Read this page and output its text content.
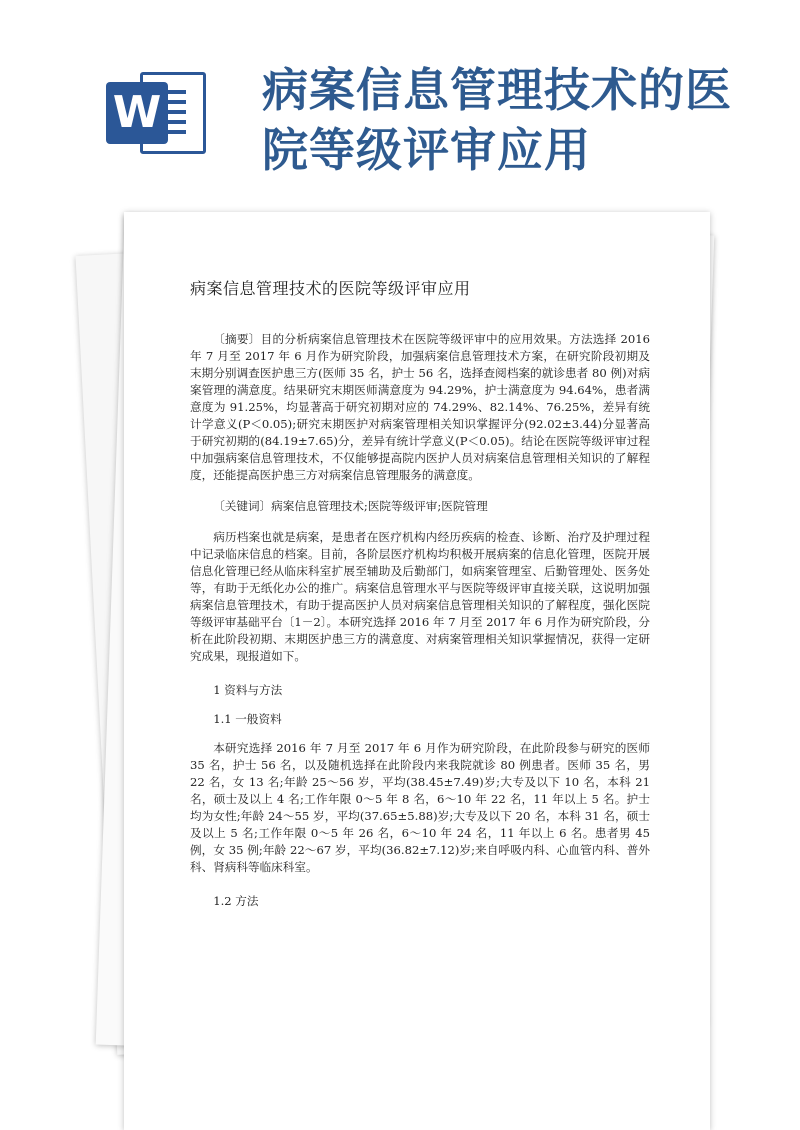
W 病案信息管理技术的医院等级评审应用
病案信息管理技术的医院等级评审应用

〔摘要〕目的分析病案信息管理技术在医院等级评审中的应用效果。方法选择 2016 年 7 月至 2017 年 6 月作为研究阶段，加强病案信息管理技术方案，在研究阶段初期及末期分别调查医护患三方(医师 35 名，护士 56 名，选择查阅档案的就诊患者 80 例)对病案管理的满意度。结果研究末期医师满意度为 94.29%，护士满意度为 94.64%，患者满意度为 91.25%，均显著高于研究初期对应的 74.29%、82.14%、76.25%，差异有统计学意义(P＜0.05);研究末期医护对病案管理相关知识掌握评分(92.02±3.44)分显著高于研究初期的(84.19±7.65)分，差异有统计学意义(P＜0.05)。结论在医院等级评审过程中加强病案信息管理技术，不仅能够提高院内医护人员对病案信息管理相关知识的了解程度，还能提高医护患三方对病案信息管理服务的满意度。

〔关键词〕病案信息管理技术;医院等级评审;医院管理

病历档案也就是病案，是患者在医疗机构内经历疾病的检查、诊断、治疗及护理过程中记录临床信息的档案。目前，各阶层医疗机构均积极开展病案的信息化管理，医院开展信息化管理已经从临床科室扩展至辅助及后勤部门，如病案管理室、后勤管理处、医务处等，有助于无纸化办公的推广。病案信息管理水平与医院等级评审直接关联，这说明加强病案信息管理技术，有助于提高医护人员对病案信息管理相关知识的了解程度，强化医院等级评审基础平台〔1－2〕。本研究选择 2016 年 7 月至 2017 年 6 月作为研究阶段，分析在此阶段初期、末期医护患三方的满意度、对病案管理相关知识掌握情况，获得一定研究成果，现报道如下。

1 资料与方法

1.1 一般资料

本研究选择 2016 年 7 月至 2017 年 6 月作为研究阶段，在此阶段参与研究的医师 35 名，护士 56 名，以及随机选择在此阶段内来我院就诊 80 例患者。医师 35 名，男 22 名，女 13 名;年龄 25～56 岁，平均(38.45±7.49)岁;大专及以下 10 名，本科 21 名，硕士及以上 4 名;工作年限 0～5 年 8 名，6～10 年 22 名，11 年以上 5 名。护士均为女性;年龄 24～55 岁，平均(37.65±5.88)岁;大专及以下 20 名，本科 31 名，硕士及以上 5 名;工作年限 0～5 年 26 名，6～10 年 24 名，11 年以上 6 名。患者男 45 例，女 35 例;年龄 22～67 岁，平均(36.82±7.12)岁;来自呼吸内科、心血管内科、普外科、肾病科等临床科室。

1.2 方法
